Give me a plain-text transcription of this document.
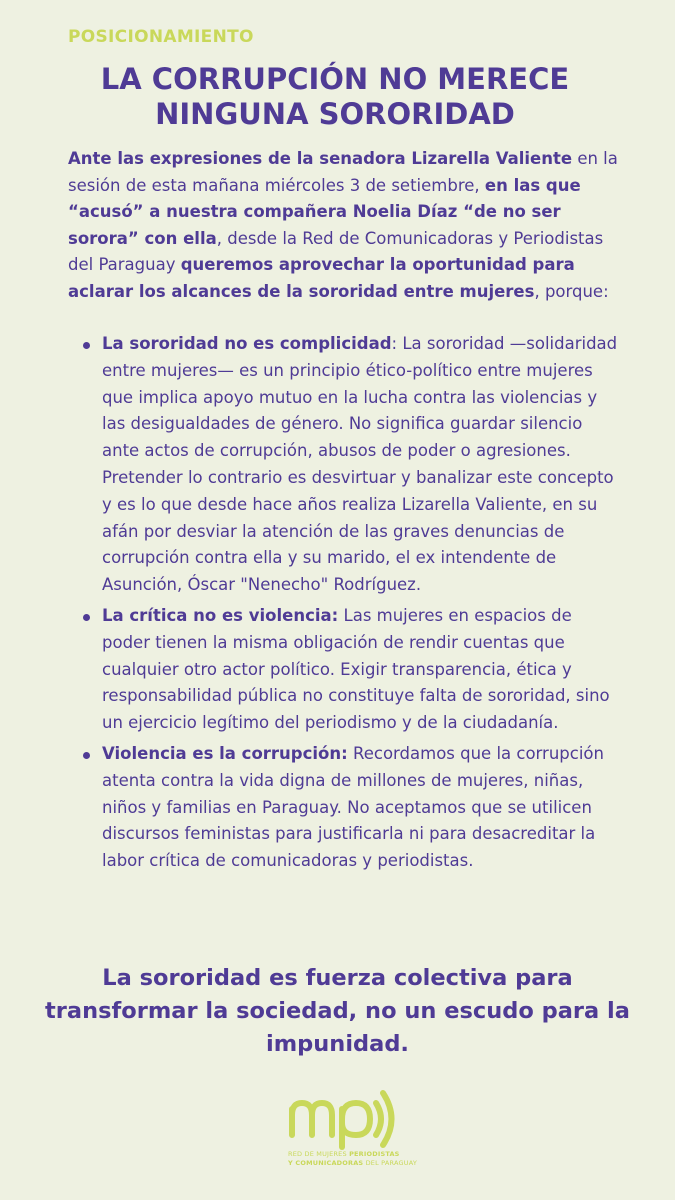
POSICIONAMIENTO
LA CORRUPCIÓN NO MERECE
NINGUNA SORORIDAD

Ante las expresiones de la senadora Lizarella Valiente en la sesión de esta mañana miércoles 3 de setiembre, en las que “acusó” a nuestra compañera Noelia Díaz “de no ser sorora” con ella, desde la Red de Comunicadoras y Periodistas del Paraguay queremos aprovechar la oportunidad para aclarar los alcances de la sororidad entre mujeres, porque:

La sororidad no es complicidad: La sororidad —solidaridad entre mujeres— es un principio ético-político entre mujeres que implica apoyo mutuo en la lucha contra las violencias y las desigualdades de género. No significa guardar silencio ante actos de corrupción, abusos de poder o agresiones. Pretender lo contrario es desvirtuar y banalizar este concepto y es lo que desde hace años realiza Lizarella Valiente, en su afán por desviar la atención de las graves denuncias de corrupción contra ella y su marido, el ex intendente de Asunción, Óscar "Nenecho" Rodríguez.
La crítica no es violencia: Las mujeres en espacios de poder tienen la misma obligación de rendir cuentas que cualquier otro actor político. Exigir transparencia, ética y responsabilidad pública no constituye falta de sororidad, sino un ejercicio legítimo del periodismo y de la ciudadanía.
Violencia es la corrupción: Recordamos que la corrupción atenta contra la vida digna de millones de mujeres, niñas, niños y familias en Paraguay. No aceptamos que se utilicen discursos feministas para justificarla ni para desacreditar la labor crítica de comunicadoras y periodistas.
La sororidad es fuerza colectiva para transformar la sociedad, no un escudo para la impunidad.
RED DE MUJERES PERIODISTAS
Y COMUNICADORAS DEL PARAGUAY
